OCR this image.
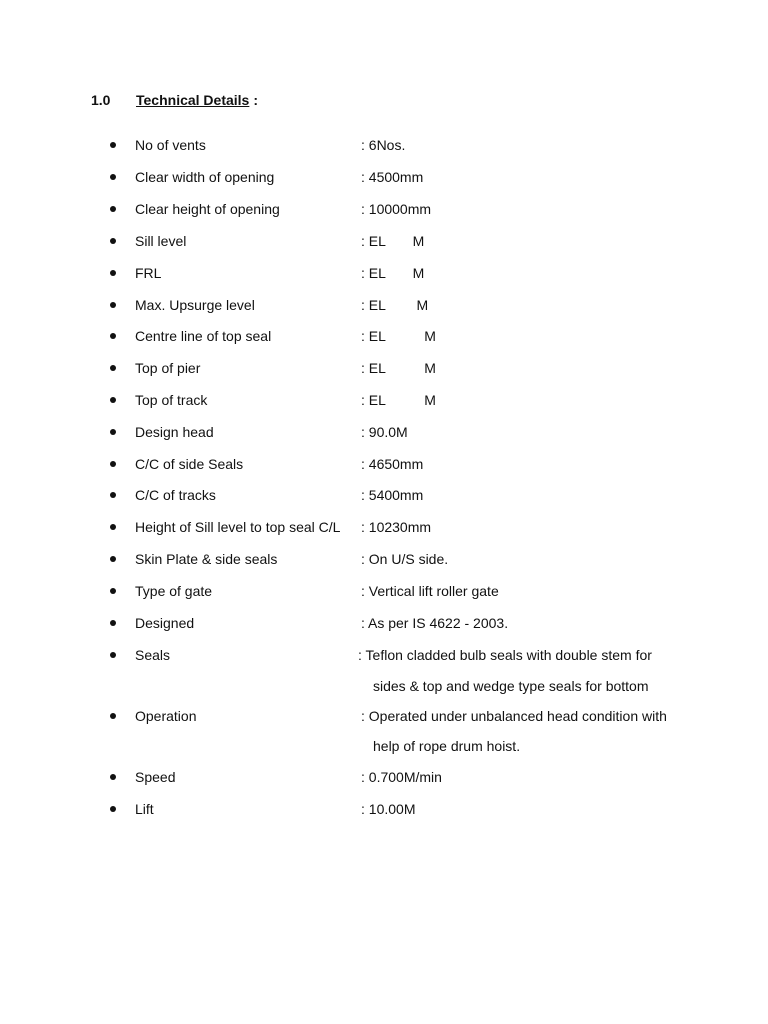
1.0 Technical Details :
No of vents	: 6Nos.
Clear width of opening	: 4500mm
Clear height of opening	: 10000mm
Sill level	: EL       M
FRL	: EL       M
Max. Upsurge level	: EL        M
Centre line of top seal	: EL          M
Top of pier	: EL          M
Top of track	: EL          M
Design head	: 90.0M
C/C of side Seals	: 4650mm
C/C of tracks	: 5400mm
Height of Sill level to top seal C/L : 10230mm
Skin Plate & side seals	: On U/S side.
Type of gate	: Vertical lift roller gate
Designed	: As per IS 4622 - 2003.
Seals	: Teflon cladded bulb seals with double stem for
sides & top and wedge type seals for bottom
Operation	: Operated under unbalanced head condition with
help of rope drum hoist.
Speed	: 0.700M/min
Lift	: 10.00M
